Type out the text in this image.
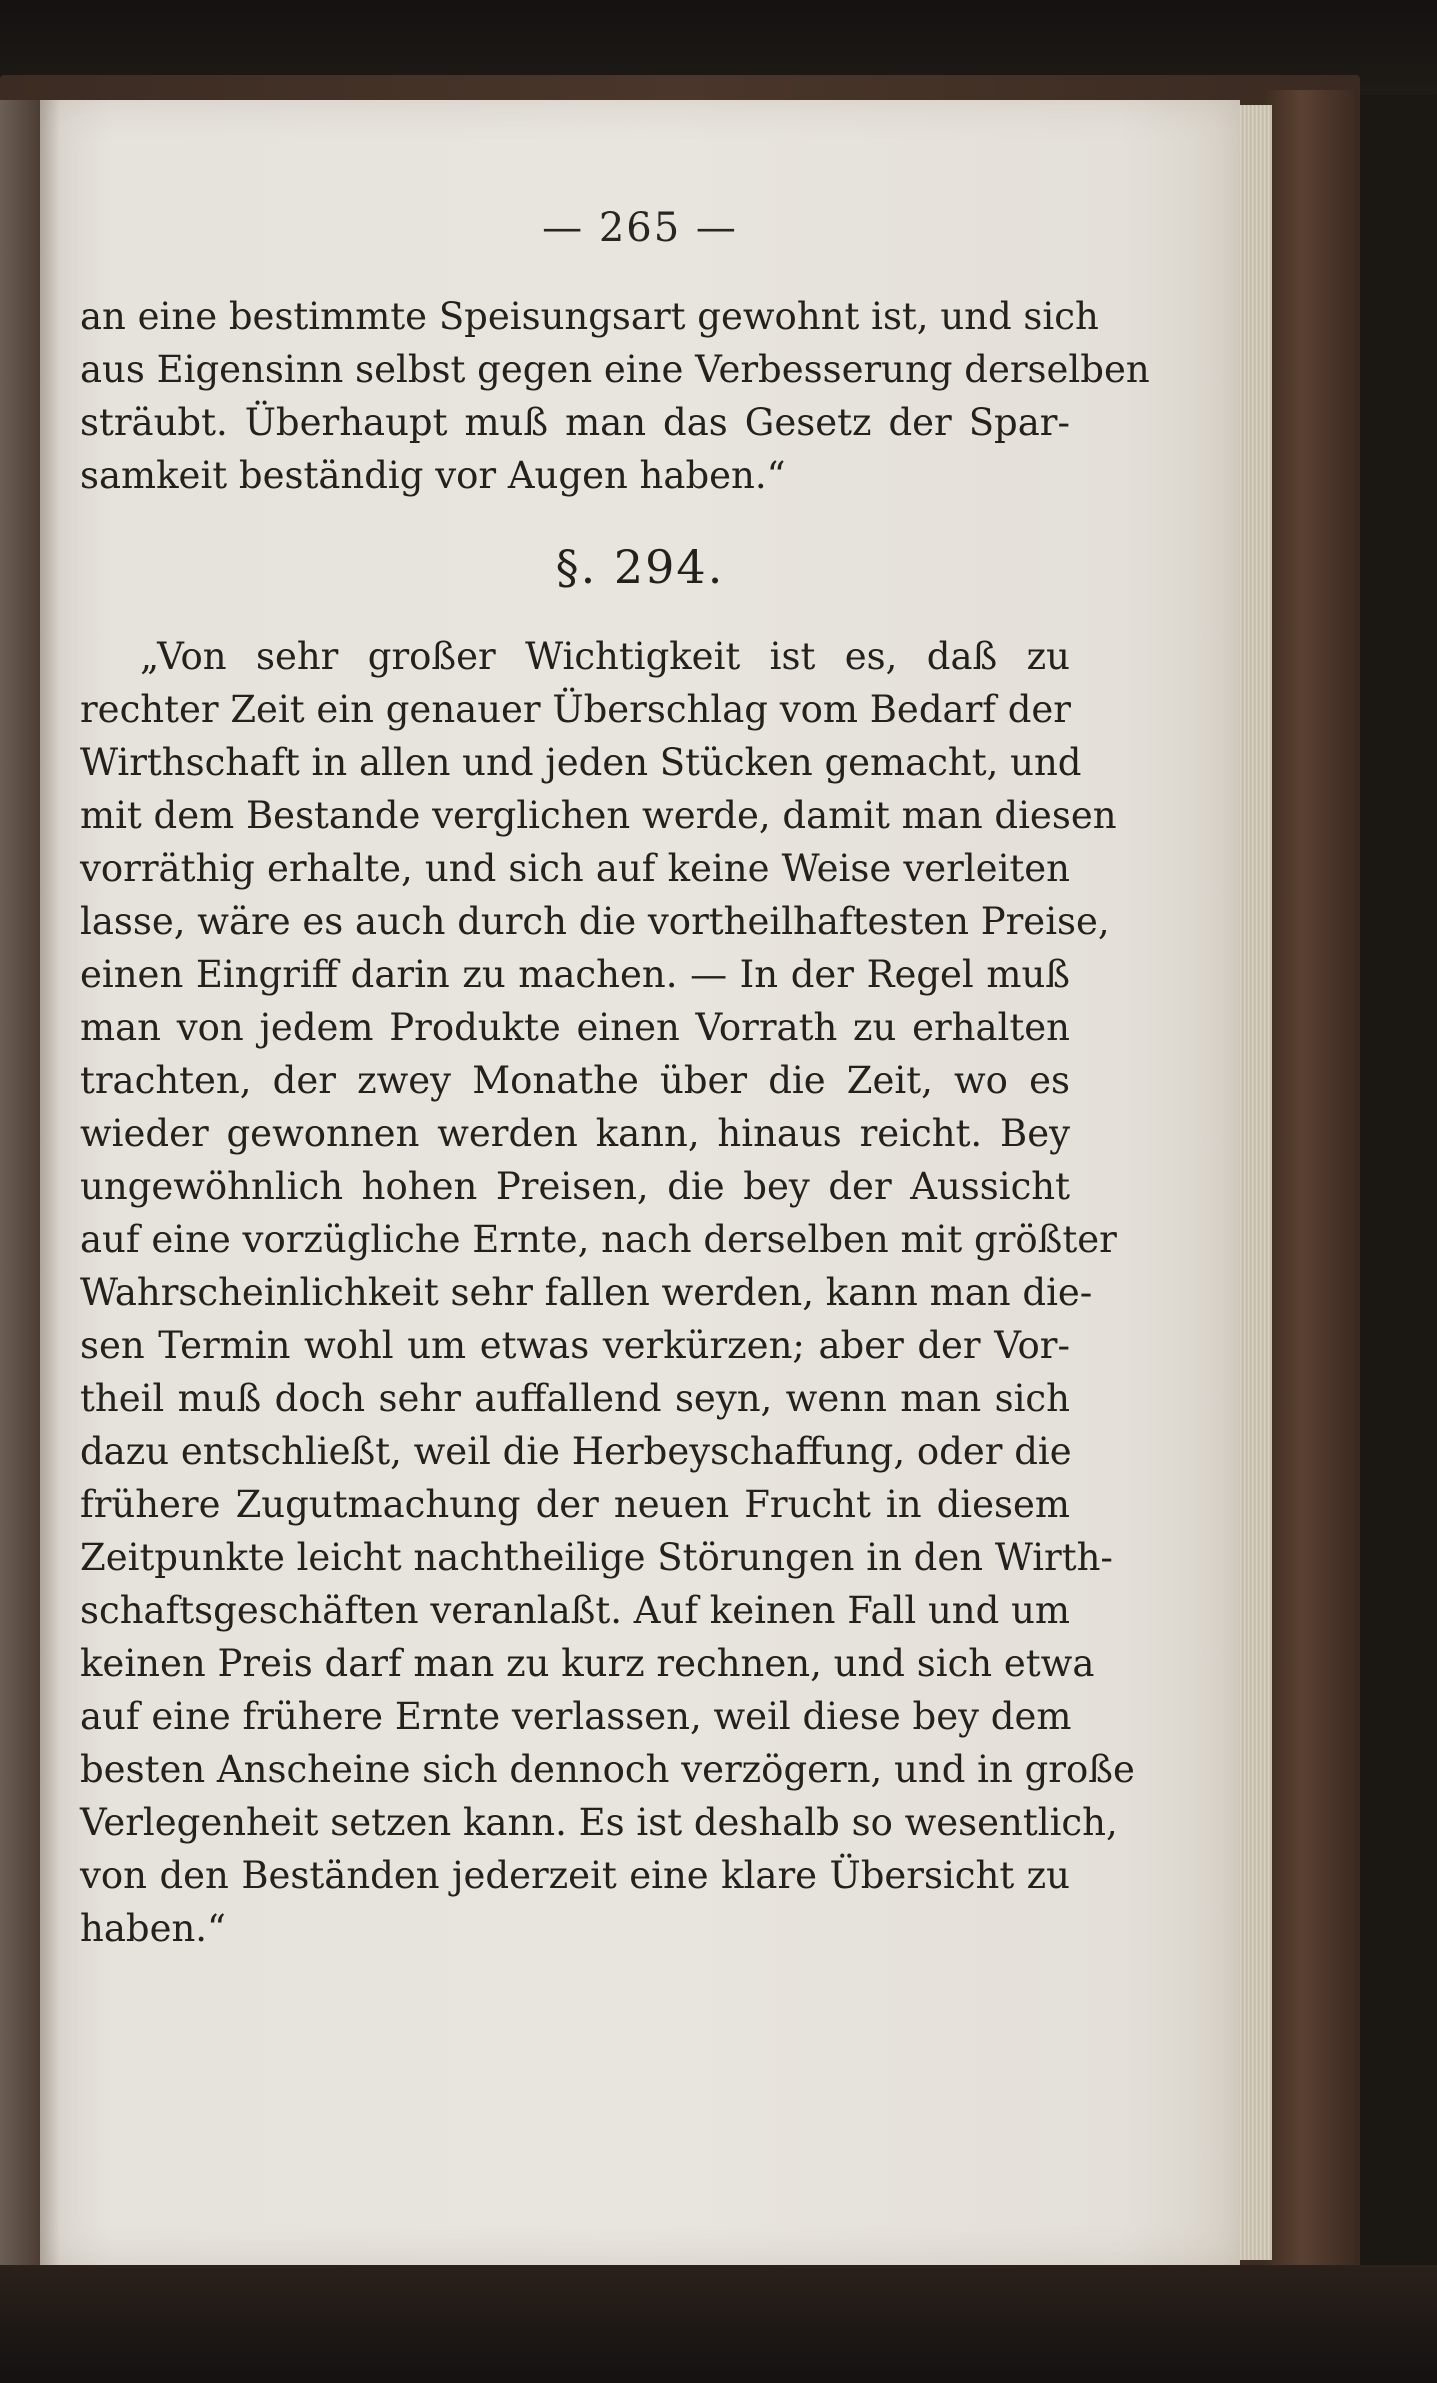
— 265 —
an eine bestimmte Speisungsart gewohnt ist, und sich
aus Eigensinn selbst gegen eine Verbesserung derselben
sträubt. Überhaupt muß man das Gesetz der Spar-
samkeit beständig vor Augen haben.“
§. 294.
„Von sehr großer Wichtigkeit ist es, daß zu
rechter Zeit ein genauer Überschlag vom Bedarf der
Wirthschaft in allen und jeden Stücken gemacht, und
mit dem Bestande verglichen werde, damit man diesen
vorräthig erhalte, und sich auf keine Weise verleiten
lasse, wäre es auch durch die vortheilhaftesten Preise,
einen Eingriff darin zu machen. — In der Regel muß
man von jedem Produkte einen Vorrath zu erhalten
trachten, der zwey Monathe über die Zeit, wo es
wieder gewonnen werden kann, hinaus reicht. Bey
ungewöhnlich hohen Preisen, die bey der Aussicht
auf eine vorzügliche Ernte, nach derselben mit größter
Wahrscheinlichkeit sehr fallen werden, kann man die-
sen Termin wohl um etwas verkürzen; aber der Vor-
theil muß doch sehr auffallend seyn, wenn man sich
dazu entschließt, weil die Herbeyschaffung, oder die
frühere Zugutmachung der neuen Frucht in diesem
Zeitpunkte leicht nachtheilige Störungen in den Wirth-
schaftsgeschäften veranlaßt. Auf keinen Fall und um
keinen Preis darf man zu kurz rechnen, und sich etwa
auf eine frühere Ernte verlassen, weil diese bey dem
besten Anscheine sich dennoch verzögern, und in große
Verlegenheit setzen kann. Es ist deshalb so wesentlich,
von den Beständen jederzeit eine klare Übersicht zu
haben.“
